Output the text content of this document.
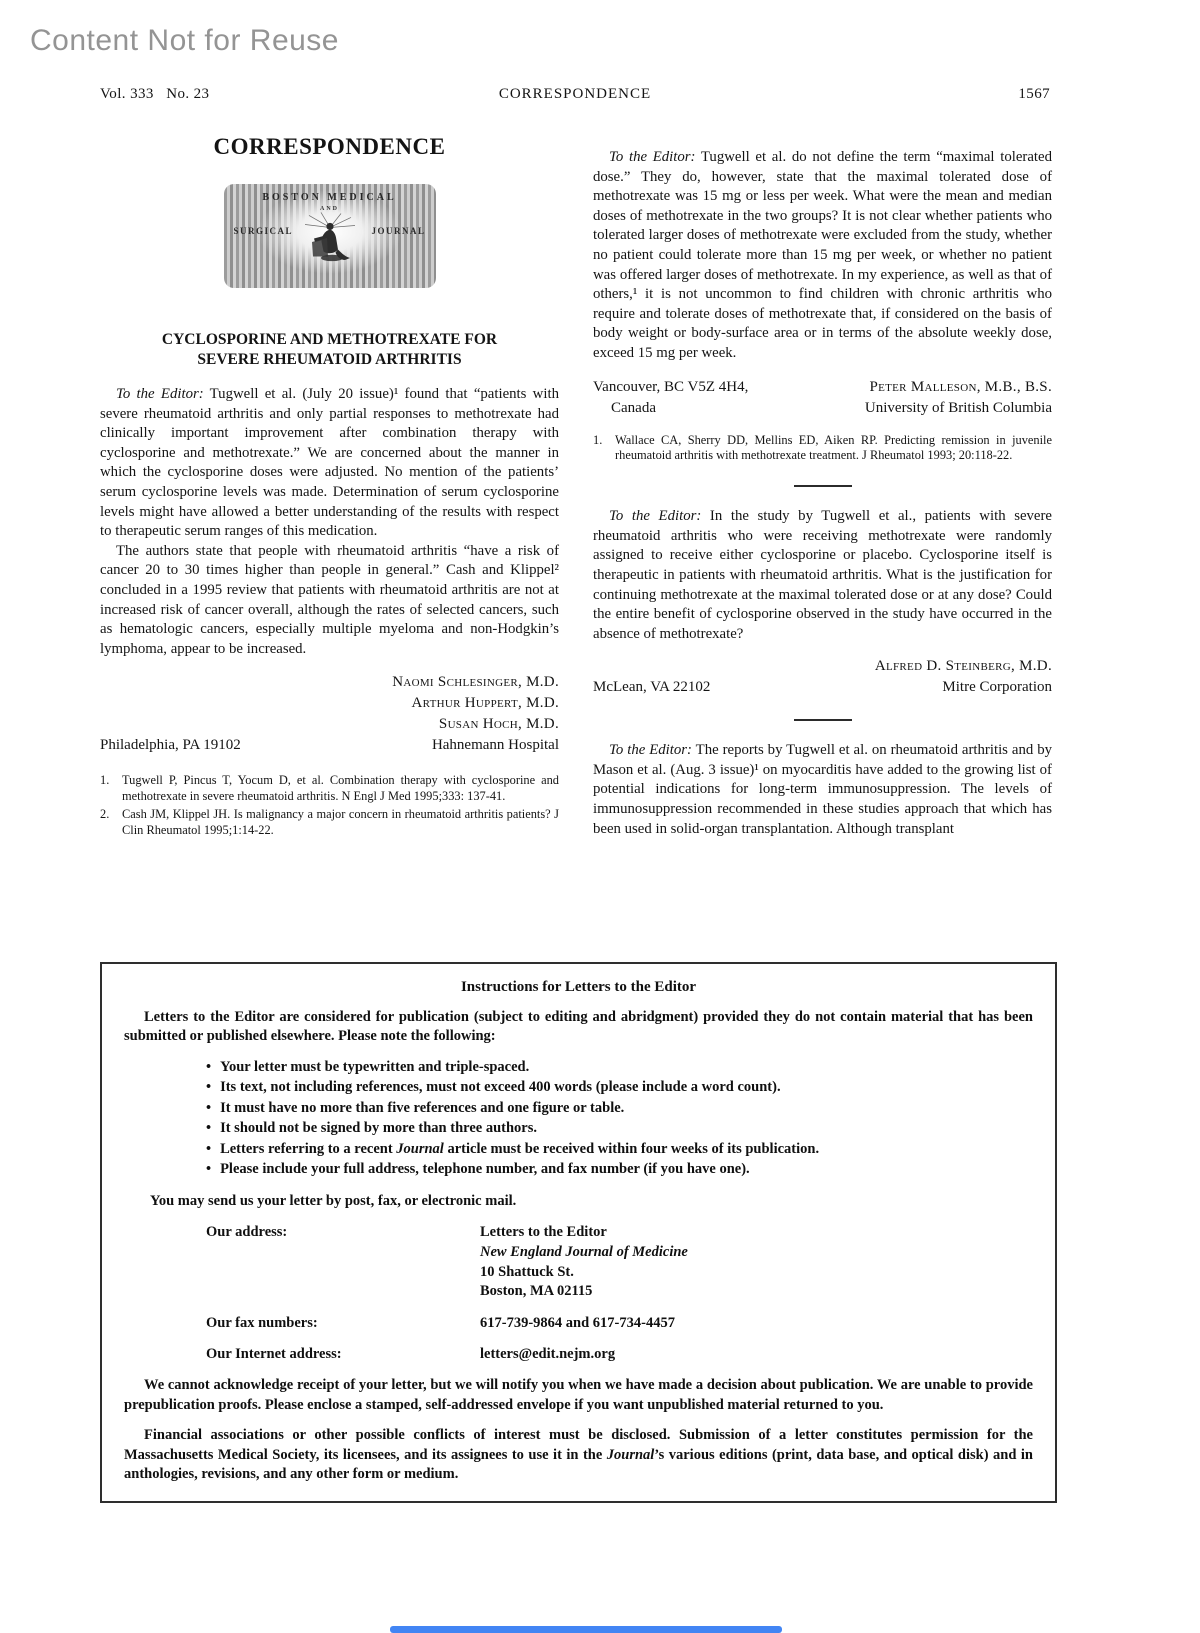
Content Not for Reuse
Vol. 333   No. 23	CORRESPONDENCE	1567
CORRESPONDENCE
BOSTON MEDICAL
AND
SURGICAL	JOURNAL
CYCLOSPORINE AND METHOTREXATE FOR
SEVERE RHEUMATOID ARTHRITIS

To the Editor: Tugwell et al. (July 20 issue)¹ found that “patients with severe rheumatoid arthritis and only partial responses to methotrexate had clinically important improvement after combination therapy with cyclosporine and methotrexate.” We are concerned about the manner in which the cyclosporine doses were adjusted. No mention of the patients’ serum cyclosporine levels was made. Determination of serum cyclosporine levels might have allowed a better understanding of the results with respect to therapeutic serum ranges of this medication.

The authors state that people with rheumatoid arthritis “have a risk of cancer 20 to 30 times higher than people in general.” Cash and Klippel² concluded in a 1995 review that patients with rheumatoid arthritis are not at increased risk of cancer overall, although the rates of selected cancers, such as hematologic cancers, especially multiple myeloma and non-Hodgkin’s lymphoma, appear to be increased.

Naomi Schlesinger, M.D.
Arthur Huppert, M.D.
Susan Hoch, M.D.
Philadelphia, PA 19102	Hahnemann Hospital
1.	Tugwell P, Pincus T, Yocum D, et al. Combination therapy with cyclosporine and methotrexate in severe rheumatoid arthritis. N Engl J Med 1995;333: 137-41.
2.	Cash JM, Klippel JH. Is malignancy a major concern in rheumatoid arthritis patients? J Clin Rheumatol 1995;1:14-22.

To the Editor: Tugwell et al. do not define the term “maximal tolerated dose.” They do, however, state that the maximal tolerated dose of methotrexate was 15 mg or less per week. What were the mean and median doses of methotrexate in the two groups? It is not clear whether patients who tolerated larger doses of methotrexate were excluded from the study, whether no patient could tolerate more than 15 mg per week, or whether no patient was offered larger doses of methotrexate. In my experience, as well as that of others,¹ it is not uncommon to find children with chronic arthritis who require and tolerate doses of methotrexate that, if considered on the basis of body weight or body-surface area or in terms of the absolute weekly dose, exceed 15 mg per week.

Vancouver, BC V5Z 4H4,
Canada
Peter Malleson, M.B., B.S.
University of British Columbia
1.	Wallace CA, Sherry DD, Mellins ED, Aiken RP. Predicting remission in juvenile rheumatoid arthritis with methotrexate treatment. J Rheumatol 1993; 20:118-22.

To the Editor: In the study by Tugwell et al., patients with severe rheumatoid arthritis who were receiving methotrexate were randomly assigned to receive either cyclosporine or placebo. Cyclosporine itself is therapeutic in patients with rheumatoid arthritis. What is the justification for continuing methotrexate at the maximal tolerated dose or at any dose? Could the entire benefit of cyclosporine observed in the study have occurred in the absence of methotrexate?

Alfred D. Steinberg, M.D.
McLean, VA 22102	Mitre Corporation

To the Editor: The reports by Tugwell et al. on rheumatoid arthritis and by Mason et al. (Aug. 3 issue)¹ on myocarditis have added to the growing list of potential indications for long-term immunosuppression. The levels of immunosuppression recommended in these studies approach that which has been used in solid-organ transplantation. Although transplant

Instructions for Letters to the Editor

Letters to the Editor are considered for publication (subject to editing and abridgment) provided they do not contain material that has been submitted or published elsewhere. Please note the following:

• Your letter must be typewritten and triple-spaced.
• Its text, not including references, must not exceed 400 words (please include a word count).
• It must have no more than five references and one figure or table.
• It should not be signed by more than three authors.
• Letters referring to a recent Journal article must be received within four weeks of its publication.
• Please include your full address, telephone number, and fax number (if you have one).

You may send us your letter by post, fax, or electronic mail.

Our address:	Letters to the Editor
New England Journal of Medicine
10 Shattuck St.
Boston, MA 02115
Our fax numbers:	617-739-9864 and 617-734-4457
Our Internet address:	letters@edit.nejm.org

We cannot acknowledge receipt of your letter, but we will notify you when we have made a decision about publication. We are unable to provide prepublication proofs. Please enclose a stamped, self-addressed envelope if you want unpublished material returned to you.

Financial associations or other possible conflicts of interest must be disclosed. Submission of a letter constitutes permission for the Massachusetts Medical Society, its licensees, and its assignees to use it in the Journal’s various editions (print, data base, and optical disk) and in anthologies, revisions, and any other form or medium.
